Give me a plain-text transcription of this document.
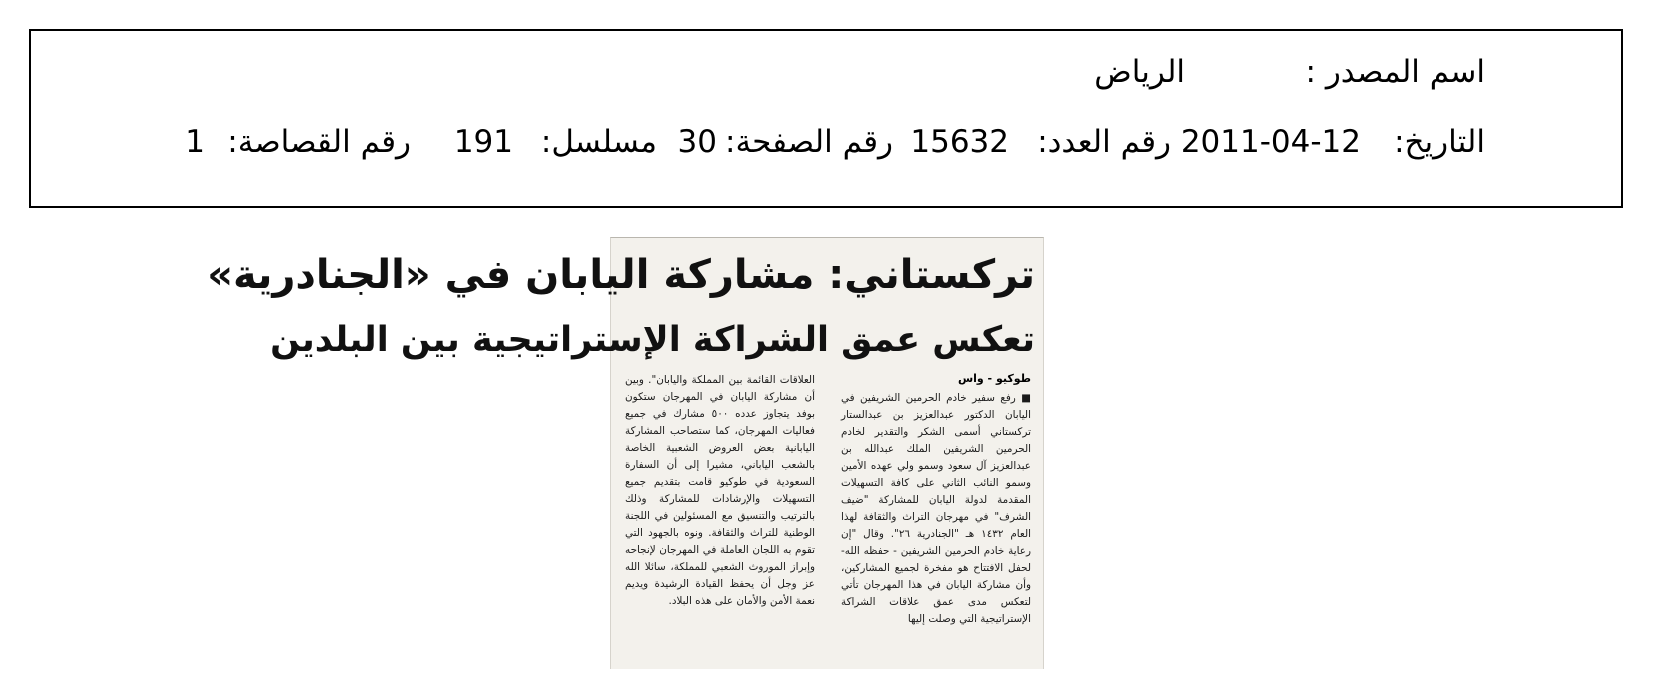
اسم المصدر :
الرياض
التاريخ:
2011-04-12
رقم العدد:
15632
رقم الصفحة:
30
مسلسل:
191
رقم القصاصة:
1
تركستاني: مشاركة اليابان في «الجنادرية»
تعكس عمق الشراكة الإستراتيجية بين البلدين
طوكيو - واس
■ رفع سفير خادم الحرمين الشريفين في اليابان الدكتور عبدالعزيز بن عبدالستار تركستاني أسمى الشكر والتقدير لخادم الحرمين الشريفين الملك عبدالله بن عبدالعزيز آل سعود وسمو ولي عهده الأمين وسمو النائب الثاني على كافة التسهيلات المقدمة لدولة اليابان للمشاركة "ضيف الشرف" في مهرجان التراث والثقافة لهذا العام ١٤٣٢ هـ "الجنادرية ٢٦". وقال "إن رعاية خادم الحرمين الشريفين - حفظه الله- لحفل الافتتاح هو مفخرة لجميع المشاركين، وأن مشاركة اليابان في هذا المهرجان تأتي لتعكس مدى عمق علاقات الشراكة الإستراتيجية التي وصلت إليها
العلاقات القائمة بين المملكة واليابان". وبين أن مشاركة اليابان في المهرجان ستكون بوفد يتجاوز عدده ٥٠٠ مشارك في جميع فعاليات المهرجان، كما ستصاحب المشاركة اليابانية بعض العروض الشعبية الخاصة بالشعب الياباني، مشيرا إلى أن السفارة السعودية في طوكيو قامت بتقديم جميع التسهيلات والإرشادات للمشاركة وذلك بالترتيب والتنسيق مع المسئولين في اللجنة الوطنية للتراث والثقافة. ونوه بالجهود التي تقوم به اللجان العاملة في المهرجان لإنجاحه وإبراز الموروث الشعبي للمملكة، سائلا الله عز وجل أن يحفظ القيادة الرشيدة ويديم نعمة الأمن والأمان على هذه البلاد.
